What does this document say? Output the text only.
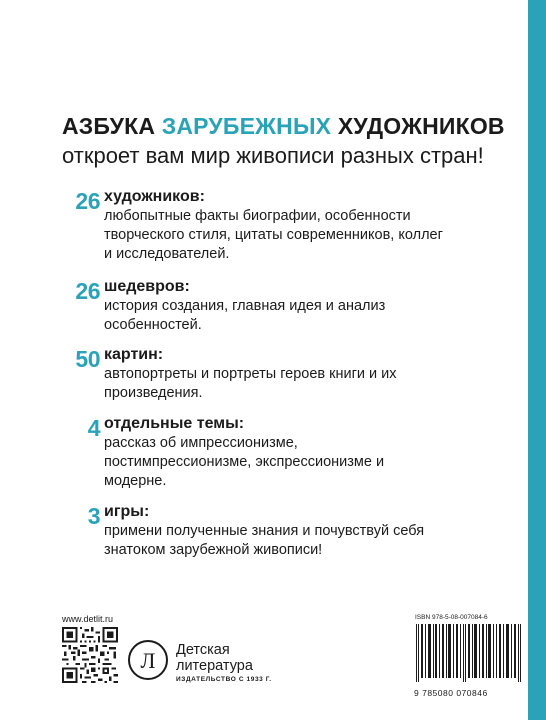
АЗБУКА ЗАРУБЕЖНЫХ ХУДОЖНИКОВ
откроет вам мир живописи разных стран!
26 художников:
любопытные факты биографии, особенности творческого стиля, цитаты современников, коллег и исследователей.
26 шедевров:
история создания, главная идея и анализ особенностей.
50 картин:
автопортреты и портреты героев книги и их произведения.
4 отдельные темы:
рассказ об импрессионизме, постимпрессионизме, экспрессионизме и модерне.
3 игры:
примени полученные знания и почувствуй себя знатоком зарубежной живописи!
www.detlit.ru
Л	Детская
литература
ИЗДАТЕЛЬСТВО С 1933 Г.
ISBN 978-5-08-007084-6
9 785080 070846
